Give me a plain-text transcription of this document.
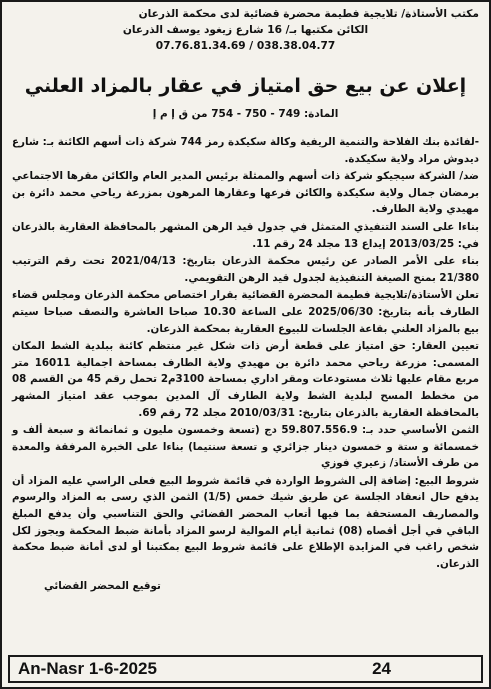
مكتب الأستاذة/ تلايجية فطيمة محضرة قضائية لدى محكمة الذرعان
الكائن مكتبها بـ/ 16 شارع زيغود يوسف الذرعان
038.38.04.77 / 07.76.81.34.69
إعلان عن بيع حق امتياز في عقار بالمزاد العلني
المادة: 749 - 750 - 754 من ق إ م إ
-لفائدة بنك الفلاحة والتنمية الريفية وكالة سكيكدة رمز 744 شركة ذات أسهم الكائنة بـ: شارع ديدوش مراد ولاية سكيكدة.
ضد/ الشركة سيجيكو شركة ذات أسهم والممثلة برئيس المدير العام والكائن مقرها الاجتماعي برمضان جمال ولاية سكيكدة والكائن فرعها وعقارها المرهون بمزرعة رياحي محمد دائرة بن مهيدي ولاية الطارف.
بناءا على السند التنفيذي المتمثل في جدول قيد الرهن المشهر بالمحافظة العقارية بالذرعان في: 2013/03/25 إيداع 13 مجلد 24 رقم 11.
بناء على الأمر الصادر عن رئيس محكمة الذرعان بتاريخ: 2021/04/13 تحت رقم الترتيب 21/380 بمنح الصيغة التنفيذية لجدول قيد الرهن التقويمي.
تعلن الأستاذة/تلايجية فطيمة المحضرة القضائية بقرار اختصاص محكمة الذرعان ومجلس قضاء الطارف بأنه بتاريخ: 2025/06/30 على الساعة 10.30 صباحا العاشرة والنصف صباحا سيتم بيع بالمزاد العلني بقاعة الجلسات للبيوع العقارية بمحكمة الذرعان.
تعيين العقار: حق امتياز على قطعة أرض ذات شكل غير منتظم كائنة ببلدية الشط المكان المسمى: مزرعة رياحي محمد دائرة بن مهيدي ولاية الطارف بمساحة اجمالية 16011 متر مربع مقام عليها ثلاث مستودعات ومقر اداري بمساحة 3100م2 تحمل رقم 45 من القسم 08 من مخطط المسح لبلدية الشط ولاية الطارف آل المدين بموجب عقد امتياز المشهر بالمحافظة العقارية بالذرعان بتاريخ: 2010/03/31 مجلد 72 رقم 69.
الثمن الأساسي حدد بـ: 59.807.556.9 دج (تسعة وخمسون مليون و ثمانمائة و سبعة ألف و خمسمائة و ستة و خمسون دينار جزائري و تسعة سنتيما) بناءا على الخبرة المرفقة والمعدة من طرف الأستاذ/ زعيري فوزي
شروط البيع: إضافة إلى الشروط الواردة في قائمة شروط البيع فعلى الراسي عليه المزاد أن يدفع حال انعقاد الجلسة عن طريق شيك خمس (1/5) الثمن الذي رسى به المزاد والرسوم والمصاريف المستحقة بما فيها أتعاب المحضر القضائي والحق التناسبي وأن يدفع المبلغ الباقي في أجل أقصاه (08) ثمانية أيام الموالية لرسو المزاد بأمانة ضبط المحكمة ويجوز لكل شخص راغب في المزايدة الإطلاع على قائمة شروط البيع بمكتبنا أو لدى أمانة ضبط محكمة الذرعان.
توقيع المحضر القضائي
An-Nasr 1-6-2025	24
